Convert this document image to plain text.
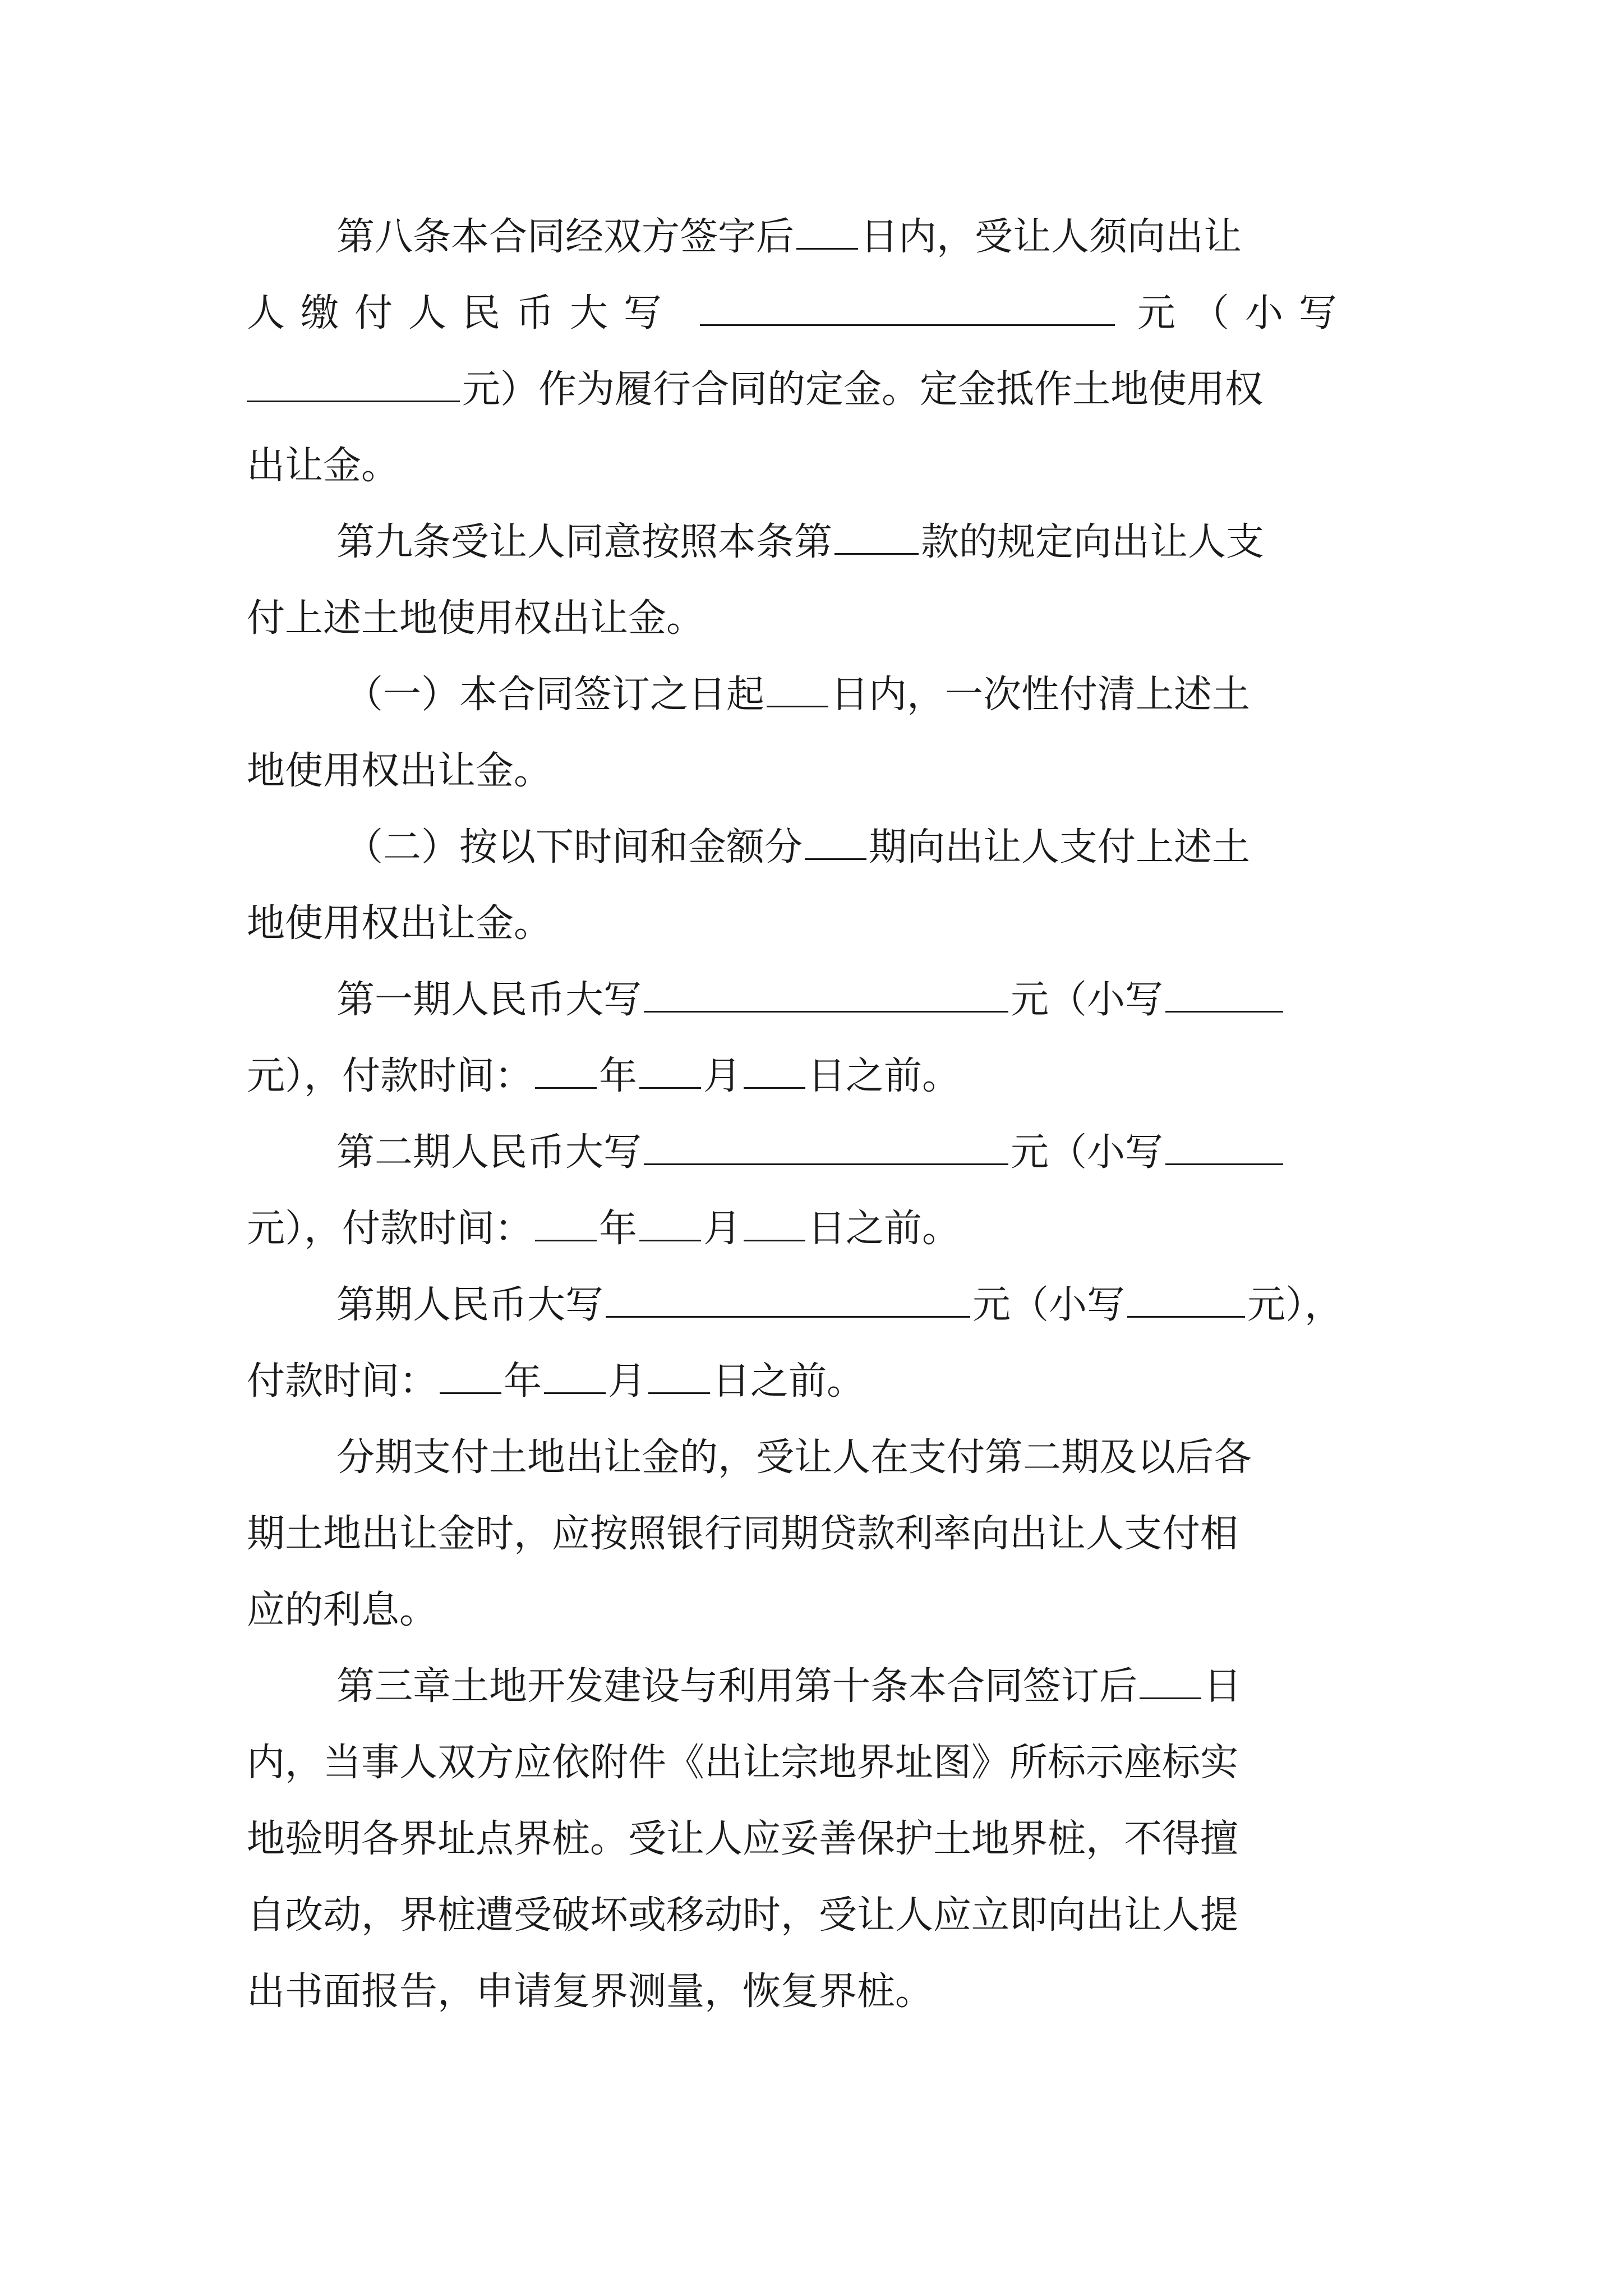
第八条本合同经双方签字后 日内，受让人须向出让
人缴付人民币大写	元（小写
元）作为履行合同的定金。定金抵作土地使用权
出让金。
第九条受让人同意按照本条第 款的规定向出让人支
付上述土地使用权出让金。
（一）本合同签订之日起 日内，一次性付清上述土
地使用权出让金。
（二）按以下时间和金额分 期向出让人支付上述土
地使用权出让金。
第一期人民币大写	元（小写
元），付款时间： 年 月 日之前。
第二期人民币大写	元（小写
元），付款时间： 年 月 日之前。
第期人民币大写	元（小写	元），
付款时间： 年 月 日之前。
分期支付土地出让金的，受让人在支付第二期及以后各
期土地出让金时，应按照银行同期贷款利率向出让人支付相
应的利息。
第三章土地开发建设与利用第十条本合同签订后 日
内，当事人双方应依附件《出让宗地界址图》所标示座标实
地验明各界址点界桩。受让人应妥善保护土地界桩，不得擅
自改动，界桩遭受破坏或移动时，受让人应立即向出让人提
出书面报告，申请复界测量，恢复界桩。
